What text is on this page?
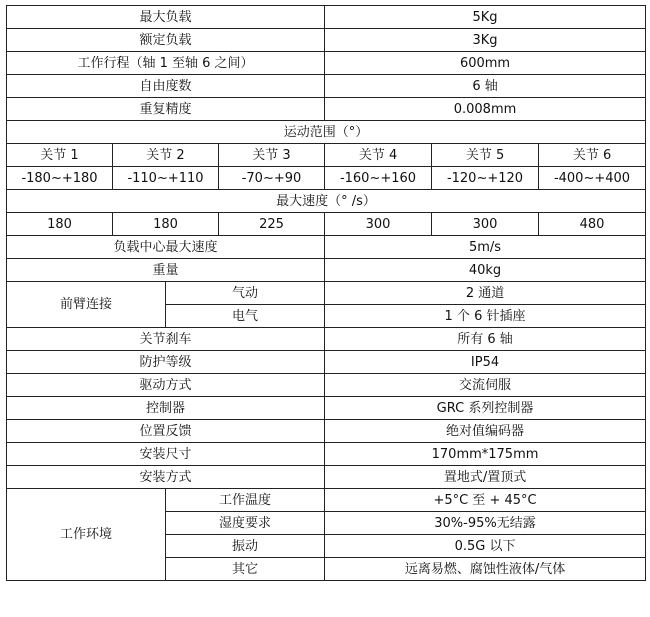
最大负载				5Kg		
额定负载				3Kg		
工作行程（轴 1 至轴 6 之间）				600mm		
自由度数				6 轴		
重复精度				0.008mm		
运动范围（°）						
关节 1	关节 2		关节 3	关节 4	关节 5	关节 6
-180~+180	-110~+110		-70~+90	-160~+160	-120~+120	-400~+400
最大速度（° /s）						
180	180		225	300	300	480
负载中心最大速度				5m/s		
重量				40kg		
前臂连接		气动		2 通道		
		电气		1 个 6 针插座		
关节刹车				所有 6 轴		
防护等级				IP54		
驱动方式				交流伺服		
控制器				GRC 系列控制器		
位置反馈				绝对值编码器		
安装尺寸				170mm*175mm		
安装方式				置地式/置顶式		
工作环境		工作温度		+5°C 至 + 45°C		
		湿度要求		30%-95%无结露		
		振动		0.5G 以下		
		其它		远离易燃、腐蚀性液体/气体		
